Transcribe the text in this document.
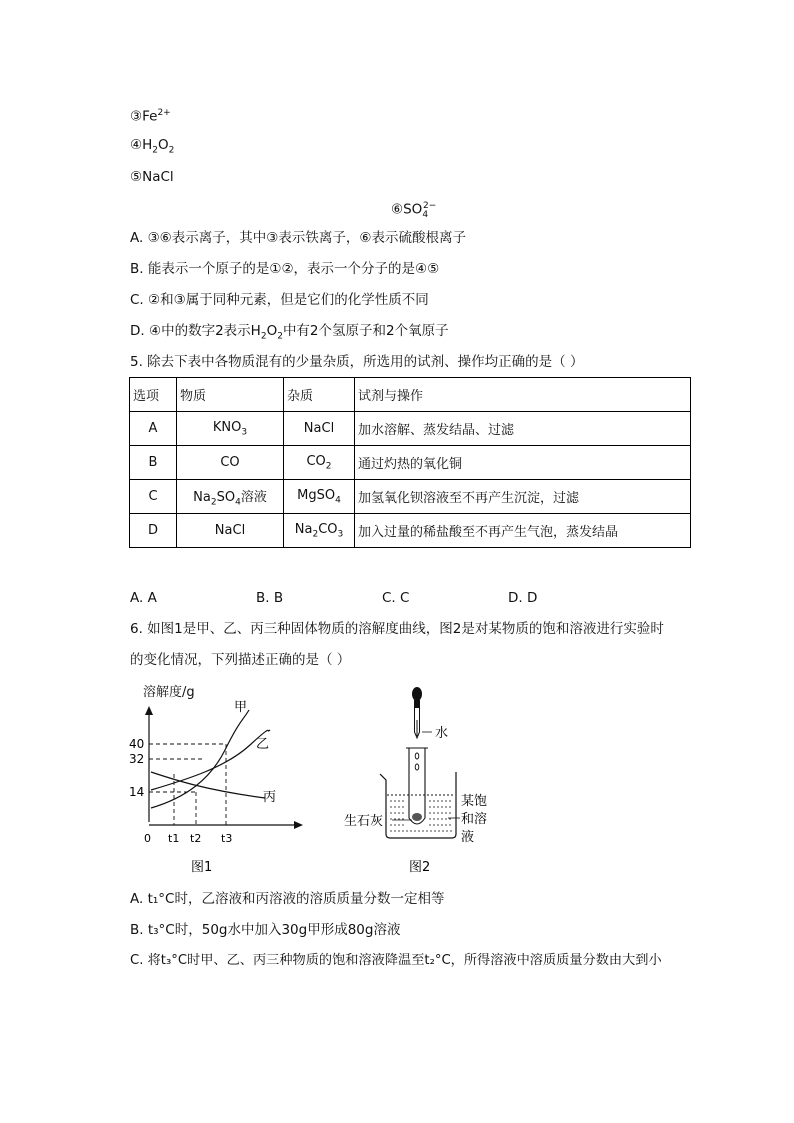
$③Fe^{2+}$
$④H_2O_2$
⑤NaCl
$⑥SO_4^{2-}$
A. ③⑥表示离子，其中③表示铁离子，⑥表示硫酸根离子
B. 能表示一个原子的是①②，表示一个分子的是④⑤
C. ②和③属于同种元素，但是它们的化学性质不同
D. ④中的数字2表示$H_2O_2$中有2个氢原子和2个氧原子
5. 除去下表中各物质混有的少量杂质，所选用的试剂、操作均正确的是（ ）
选项	物质	杂质	试剂与操作
A	$KNO_3$	NaCl	加水溶解、蒸发结晶、过滤
B	CO	$CO_2$	通过灼热的氧化铜
C	$Na_2SO_4$溶液	MgSO$_4$	加氢氧化钡溶液至不再产生沉淀，过滤
D	NaCl	$Na_2CO_3$	加入过量的稀盐酸至不再产生气泡，蒸发结晶
A. A	B. B	C. C	D. D
6. 如图1是甲、乙、丙三种固体物质的溶解度曲线，图2是对某物质的饱和溶液进行实验时
的变化情况，下列描述正确的是（ ）
溶解度/g
40
32
14
0 t1 t2 t3
甲
乙
丙
图1
水
生石灰
某饱
和溶
液
图2
A. t₁°C时，乙溶液和丙溶液的溶质质量分数一定相等
B. t₃°C时，50g水中加入30g甲形成80g溶液
C. 将t₃°C时甲、乙、丙三种物质的饱和溶液降温至t₂°C，所得溶液中溶质质量分数由大到小
